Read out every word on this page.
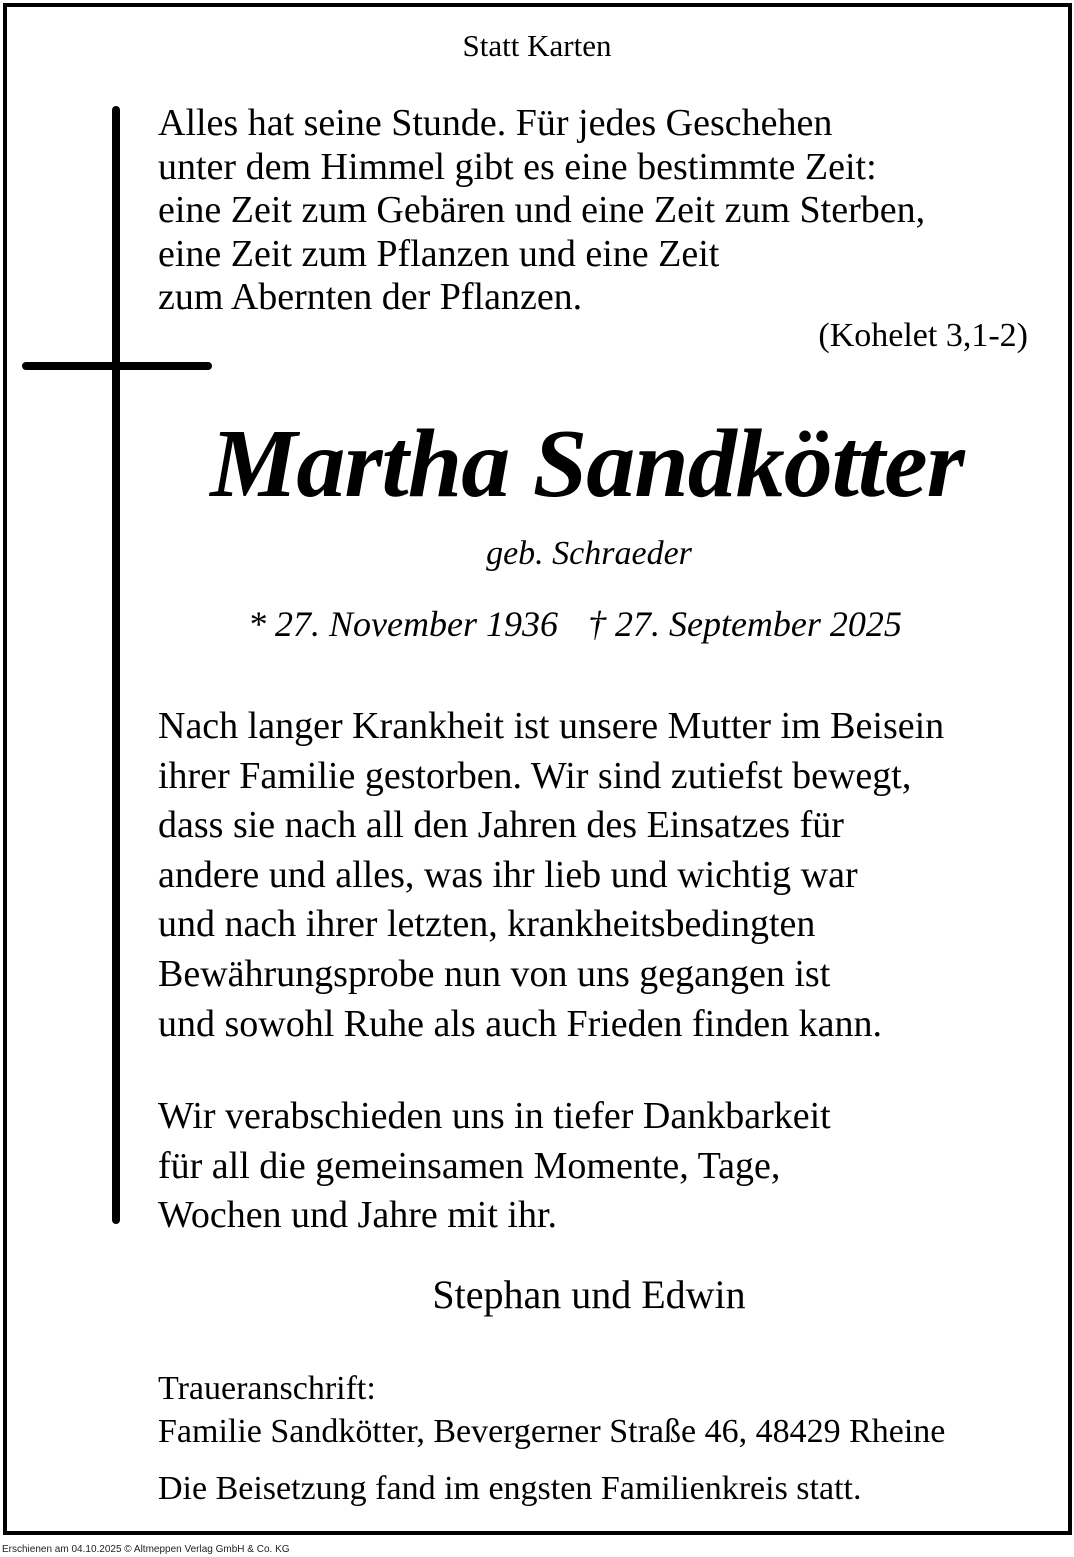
Statt Karten
Alles hat seine Stunde. Für jedes Geschehen
unter dem Himmel gibt es eine bestimmte Zeit:
eine Zeit zum Gebären und eine Zeit zum Sterben,
eine Zeit zum Pflanzen und eine Zeit
zum Abernten der Pflanzen.
(Kohelet 3,1-2)
Martha Sandkötter
geb. Schraeder
* 27. November 1936 † 27. September 2025
Nach langer Krankheit ist unsere Mutter im Beisein
ihrer Familie gestorben. Wir sind zutiefst bewegt,
dass sie nach all den Jahren des Einsatzes für
andere und alles, was ihr lieb und wichtig war
und nach ihrer letzten, krankheitsbedingten
Bewährungsprobe nun von uns gegangen ist
und sowohl Ruhe als auch Frieden finden kann.
Wir verabschieden uns in tiefer Dankbarkeit
für all die gemeinsamen Momente, Tage,
Wochen und Jahre mit ihr.
Stephan und Edwin
Traueranschrift:
Familie Sandkötter, Bevergerner Straße 46, 48429 Rheine
Die Beisetzung fand im engsten Familienkreis statt.
Erschienen am 04.10.2025 © Altmeppen Verlag GmbH & Co. KG
